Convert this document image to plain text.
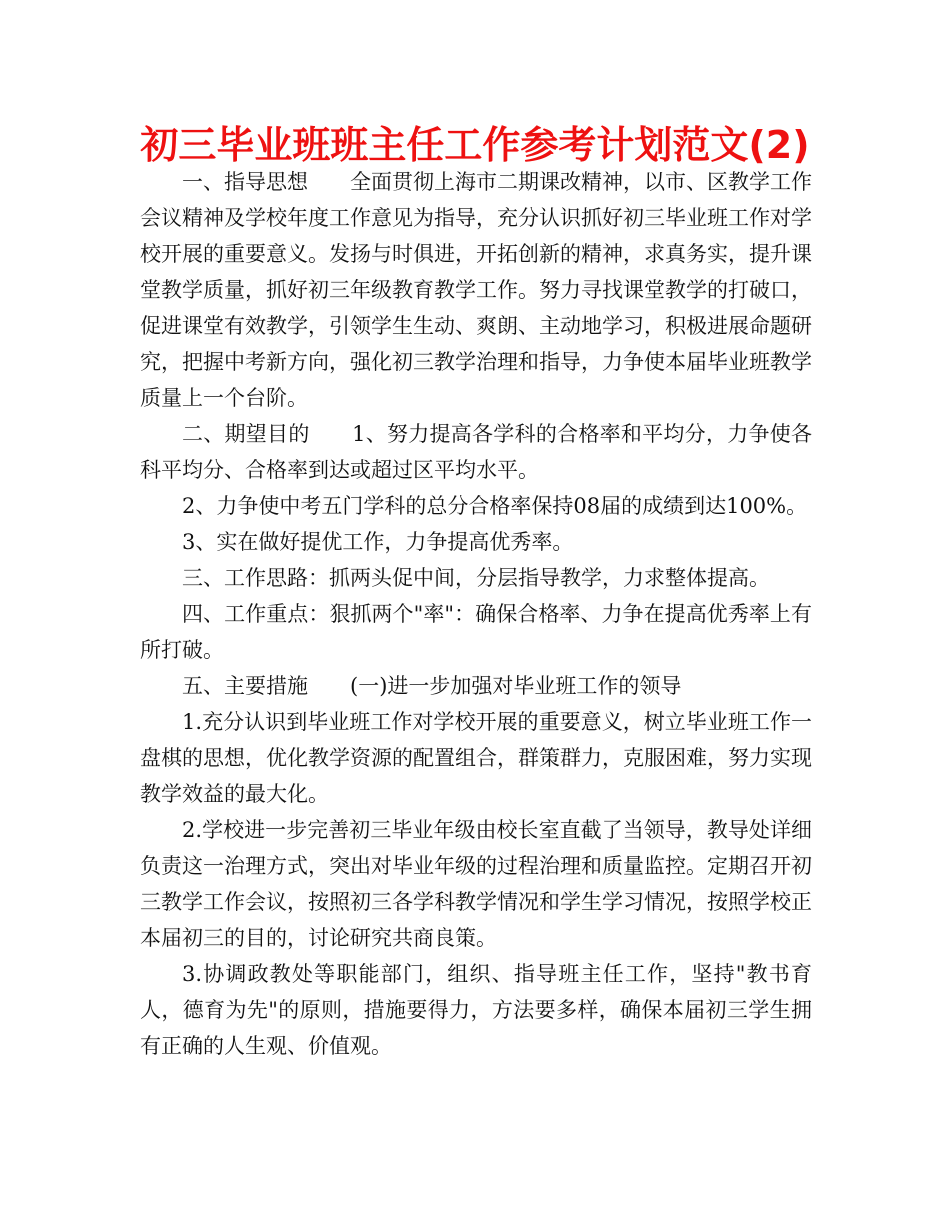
初三毕业班班主任工作参考计划范文(2)

一、指导思想　　全面贯彻上海市二期课改精神，以市、区教学工作会议精神及学校年度工作意见为指导，充分认识抓好初三毕业班工作对学校开展的重要意义。发扬与时俱进，开拓创新的精神，求真务实，提升课堂教学质量，抓好初三年级教育教学工作。努力寻找课堂教学的打破口，促进课堂有效教学，引领学生生动、爽朗、主动地学习，积极进展命题研究，把握中考新方向，强化初三教学治理和指导，力争使本届毕业班教学质量上一个台阶。

二、期望目的　　1、努力提高各学科的合格率和平均分，力争使各科平均分、合格率到达或超过区平均水平。

2、力争使中考五门学科的总分合格率保持08届的成绩到达100%。

3、实在做好提优工作，力争提高优秀率。

三、工作思路：抓两头促中间，分层指导教学，力求整体提高。

四、工作重点：狠抓两个"率"：确保合格率、力争在提高优秀率上有所打破。

五、主要措施　　(一)进一步加强对毕业班工作的领导

1.充分认识到毕业班工作对学校开展的重要意义，树立毕业班工作一盘棋的思想，优化教学资源的配置组合，群策群力，克服困难，努力实现教学效益的最大化。

2.学校进一步完善初三毕业年级由校长室直截了当领导，教导处详细负责这一治理方式，突出对毕业年级的过程治理和质量监控。定期召开初三教学工作会议，按照初三各学科教学情况和学生学习情况，按照学校正本届初三的目的，讨论研究共商良策。

3.协调政教处等职能部门，组织、指导班主任工作，坚持"教书育人，德育为先"的原则，措施要得力，方法要多样，确保本届初三学生拥有正确的人生观、价值观。
